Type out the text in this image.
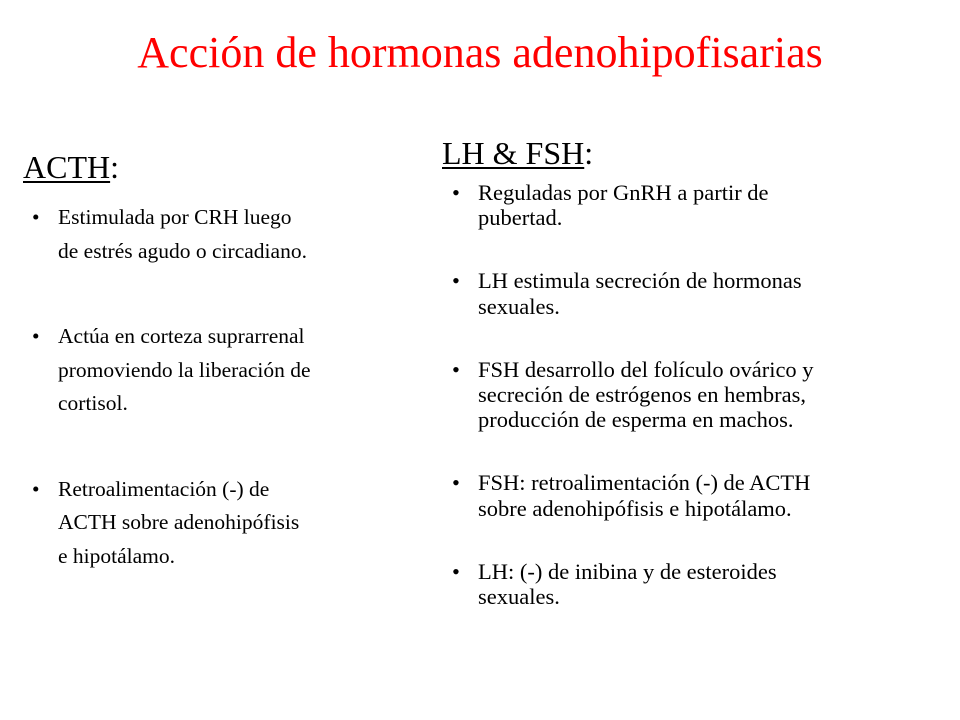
Acción de hormonas adenohipofisarias
ACTH:
• Estimulada por CRH luego
de estrés agudo o circadiano.
• Actúa en corteza suprarrenal
promoviendo la liberación de
cortisol.
• Retroalimentación (-) de
ACTH sobre adenohipófisis
e hipotálamo.
LH & FSH:
• Reguladas por GnRH a partir de
pubertad.
• LH estimula secreción de hormonas
sexuales.
• FSH desarrollo del folículo ovárico y
secreción de estrógenos en hembras,
producción de esperma en machos.
• FSH: retroalimentación (-) de ACTH
sobre adenohipófisis e hipotálamo.
• LH: (-) de inibina y de esteroides
sexuales.
